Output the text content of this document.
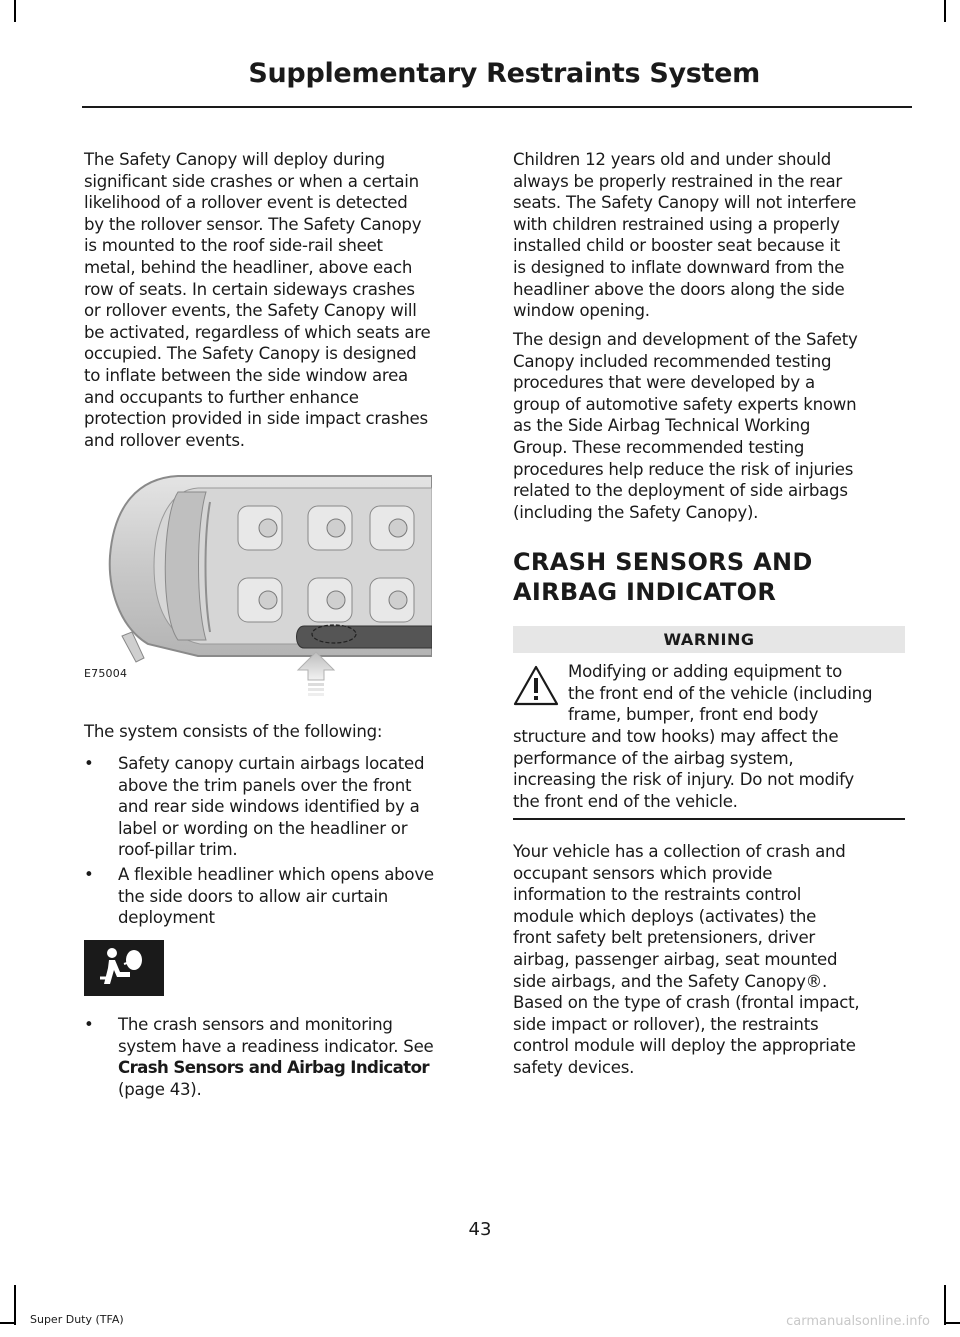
Supplementary Restraints System
The Safety Canopy will deploy during
significant side crashes or when a certain
likelihood of a rollover event is detected
by the rollover sensor. The Safety Canopy
is mounted to the roof side-rail sheet
metal, behind the headliner, above each
row of seats. In certain sideways crashes
or rollover events, the Safety Canopy will
be activated, regardless of which seats are
occupied. The Safety Canopy is designed
to inflate between the side window area
and occupants to further enhance
protection provided in side impact crashes
and rollover events.
E75004
The system consists of the following:
• Safety canopy curtain airbags located
above the trim panels over the front
and rear side windows identified by a
label or wording on the headliner or
roof-pillar trim.
• A flexible headliner which opens above
the side doors to allow air curtain
deployment
• The crash sensors and monitoring
system have a readiness indicator. See
Crash Sensors and Airbag Indicator
(page 43).
Children 12 years old and under should
always be properly restrained in the rear
seats. The Safety Canopy will not interfere
with children restrained using a properly
installed child or booster seat because it
is designed to inflate downward from the
headliner above the doors along the side
window opening.
The design and development of the Safety
Canopy included recommended testing
procedures that were developed by a
group of automotive safety experts known
as the Side Airbag Technical Working
Group. These recommended testing
procedures help reduce the risk of injuries
related to the deployment of side airbags
(including the Safety Canopy).
CRASH SENSORS AND
AIRBAG INDICATOR
WARNING
Modifying or adding equipment to
the front end of the vehicle (including
frame, bumper, front end body
structure and tow hooks) may affect the
performance of the airbag system,
increasing the risk of injury. Do not modify
the front end of the vehicle.
Your vehicle has a collection of crash and
occupant sensors which provide
information to the restraints control
module which deploys (activates) the
front safety belt pretensioners, driver
airbag, passenger airbag, seat mounted
side airbags, and the Safety Canopy®.
Based on the type of crash (frontal impact,
side impact or rollover), the restraints
control module will deploy the appropriate
safety devices.
43
Super Duty (TFA)	carmanualsonline.info
